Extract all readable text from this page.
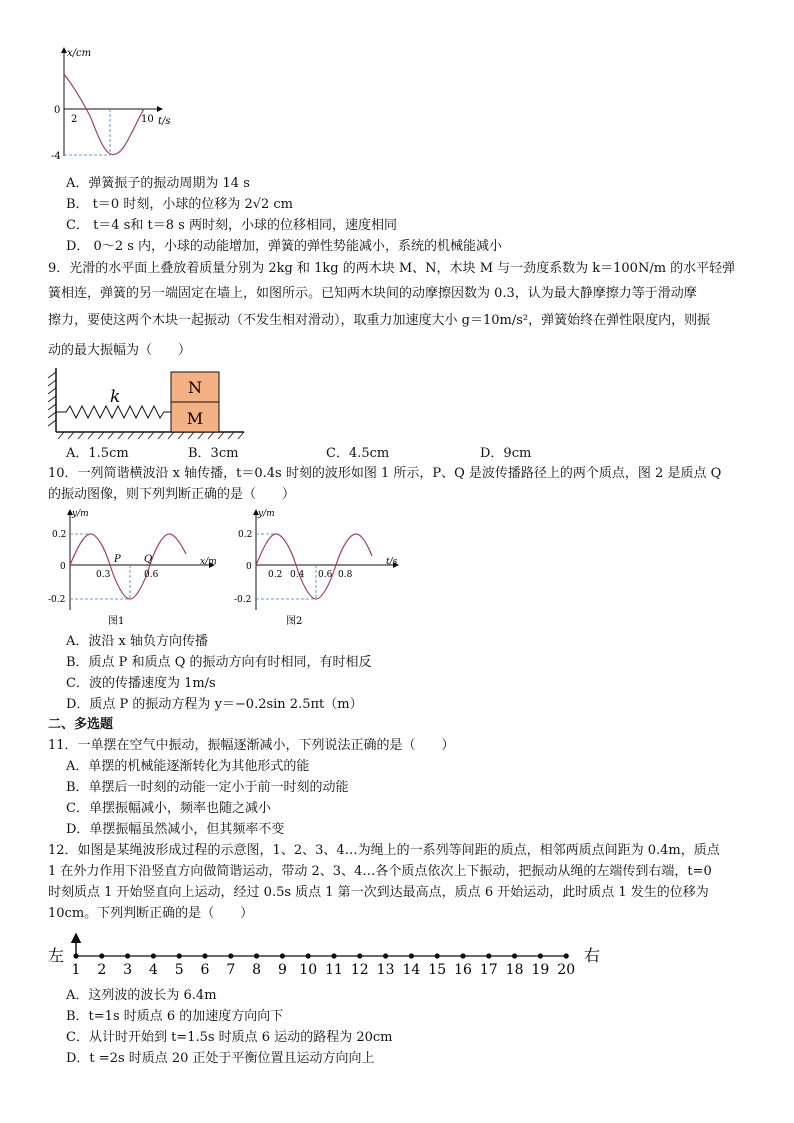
x/cm
t/s
0
-4
2	10
A．弹簧振子的振动周期为 14 s
B． t＝0 时刻，小球的位移为 2√2 cm
C． t＝4 s和 t＝8 s 两时刻，小球的位移相同，速度相同
D． 0～2 s 内，小球的动能增加，弹簧的弹性势能减小，系统的机械能减小
9．光滑的水平面上叠放着质量分别为 2kg 和 1kg 的两木块 M、N，木块 M 与一劲度系数为 k＝100N/m 的水平轻弹
簧相连，弹簧的另一端固定在墙上，如图所示。已知两木块间的动摩擦因数为 0.3，认为最大静摩擦力等于滑动摩
擦力，要使这两个木块一起振动（不发生相对滑动），取重力加速度大小 g＝10m/s²，弹簧始终在弹性限度内，则振
动的最大振幅为（　　）
k	N
M
A．1.5cm	B．3cm	C．4.5cm	D．9cm
10．一列简谐横波沿 x 轴传播，t＝0.4s 时刻的波形如图 1 所示，P、Q 是波传播路径上的两个质点，图 2 是质点 Q
的振动图像，则下列判断正确的是（　　）
y/m
x/m
0.2
0
-0.2
0.3	0.6
P Q
图1
y/m
t/s
0.2
0
-0.2
0.2 0.4 0.6 0.8
图2
A．波沿 x 轴负方向传播
B．质点 P 和质点 Q 的振动方向有时相同，有时相反
C．波的传播速度为 1m/s
D．质点 P 的振动方程为 y＝−0.2sin 2.5πt（m）
二、多选题
11．一单摆在空气中振动，振幅逐渐减小，下列说法正确的是（　　）
A．单摆的机械能逐渐转化为其他形式的能
B．单摆后一时刻的动能一定小于前一时刻的动能
C．单摆振幅减小，频率也随之减小
D．单摆振幅虽然减小，但其频率不变
12．如图是某绳波形成过程的示意图，1、2、3、4…为绳上的一系列等间距的质点，相邻两质点间距为 0.4m，质点
1 在外力作用下沿竖直方向做简谐运动，带动 2、3、4…各个质点依次上下振动，把振动从绳的左端传到右端，t=0
时刻质点 1 开始竖直向上运动，经过 0.5s 质点 1 第一次到达最高点，质点 6 开始运动，此时质点 1 发生的位移为
10cm。下列判断正确的是（　　）
左	右
1 2 3 4 5 6 7 8 9 10 11 12 13 14 15 16 17 18 19 20
A．这列波的波长为 6.4m
B．t=1s 时质点 6 的加速度方向向下
C．从计时开始到 t=1.5s 时质点 6 运动的路程为 20cm
D．t =2s 时质点 20 正处于平衡位置且运动方向向上
